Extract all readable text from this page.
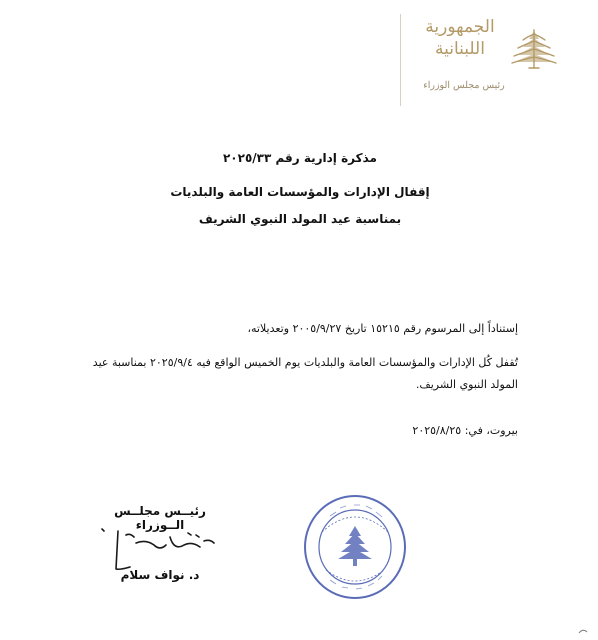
الجمهورية
اللبنانية
رئيس مجلس الوزراء
مذكرة إدارية رقم ٢٠٢٥/٣٣
إقفال الإدارات والمؤسسات العامة والبلديات
بمناسبة عيد المولد النبوي الشريف
إستناداً إلى المرسوم رقم ١٥٢١٥ تاريخ ٢٠٠٥/٩/٢٧ وتعديلاته،
تُقفل كُل الإدارات والمؤسسات العامة والبلديات يوم الخميس الواقع فيه ٢٠٢٥/٩/٤ بمناسبة عيد المولد النبوي الشريف.
بيروت، في: ٢٠٢٥/٨/٢٥
رئيــس مجلــس الــوزراء
د. نواف سلام
